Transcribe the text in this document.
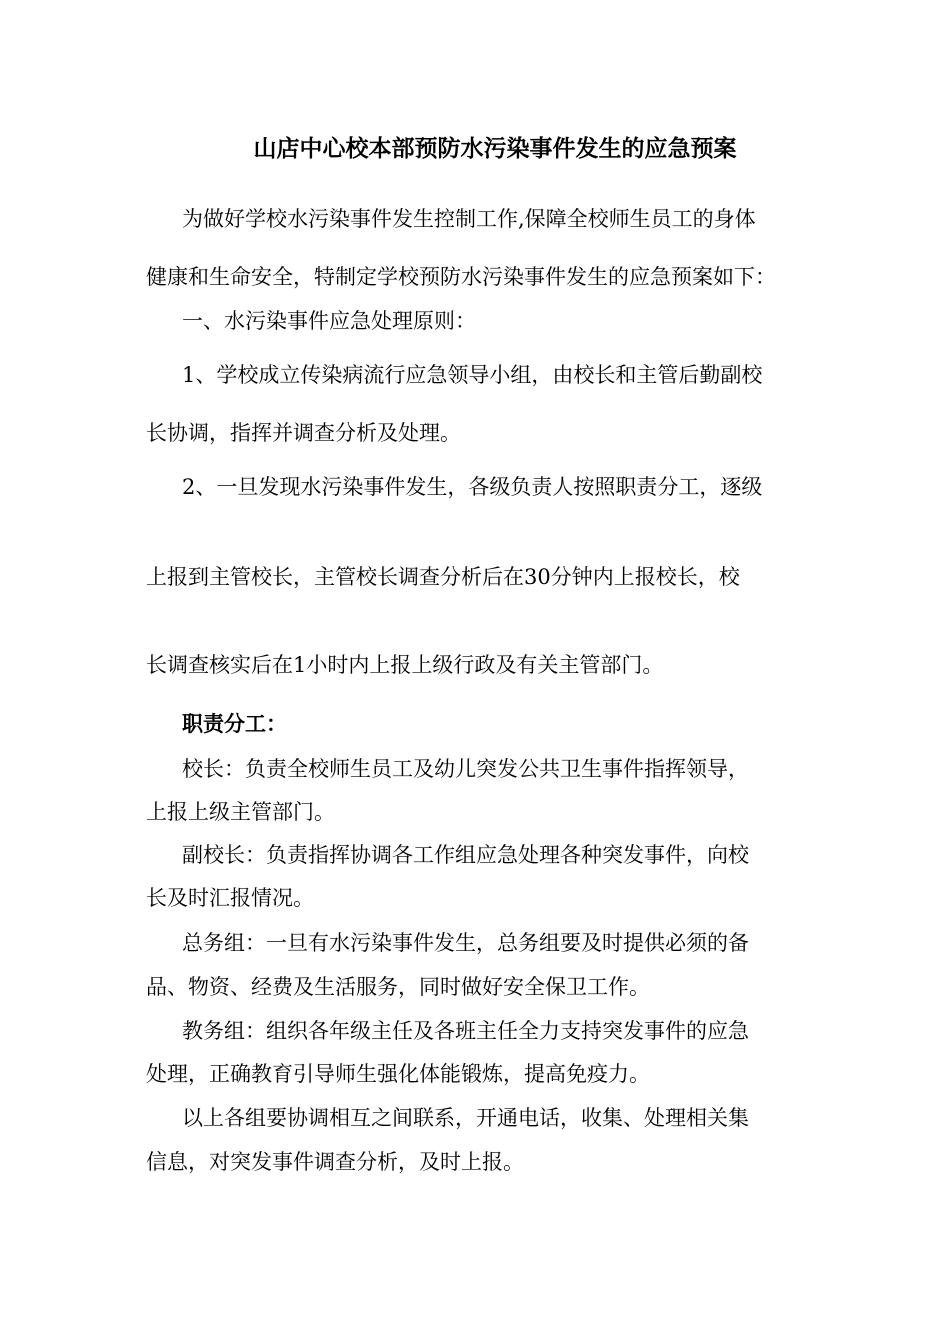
山店中心校本部预防水污染事件发生的应急预案
为做好学校水污染事件发生控制工作,保障全校师生员工的身体
健康和生命安全，特制定学校预防水污染事件发生的应急预案如下：
一、水污染事件应急处理原则：
1、学校成立传染病流行应急领导小组，由校长和主管后勤副校
长协调，指挥并调查分析及处理。
2、一旦发现水污染事件发生，各级负责人按照职责分工，逐级
上报到主管校长，主管校长调查分析后在30分钟内上报校长，校
长调查核实后在1小时内上报上级行政及有关主管部门。
职责分工：
校长：负责全校师生员工及幼儿突发公共卫生事件指挥领导，
上报上级主管部门。
副校长：负责指挥协调各工作组应急处理各种突发事件，向校
长及时汇报情况。
总务组：一旦有水污染事件发生，总务组要及时提供必须的备
品、物资、经费及生活服务，同时做好安全保卫工作。
教务组：组织各年级主任及各班主任全力支持突发事件的应急
处理，正确教育引导师生强化体能锻炼，提高免疫力。
以上各组要协调相互之间联系，开通电话，收集、处理相关集
信息，对突发事件调查分析，及时上报。
